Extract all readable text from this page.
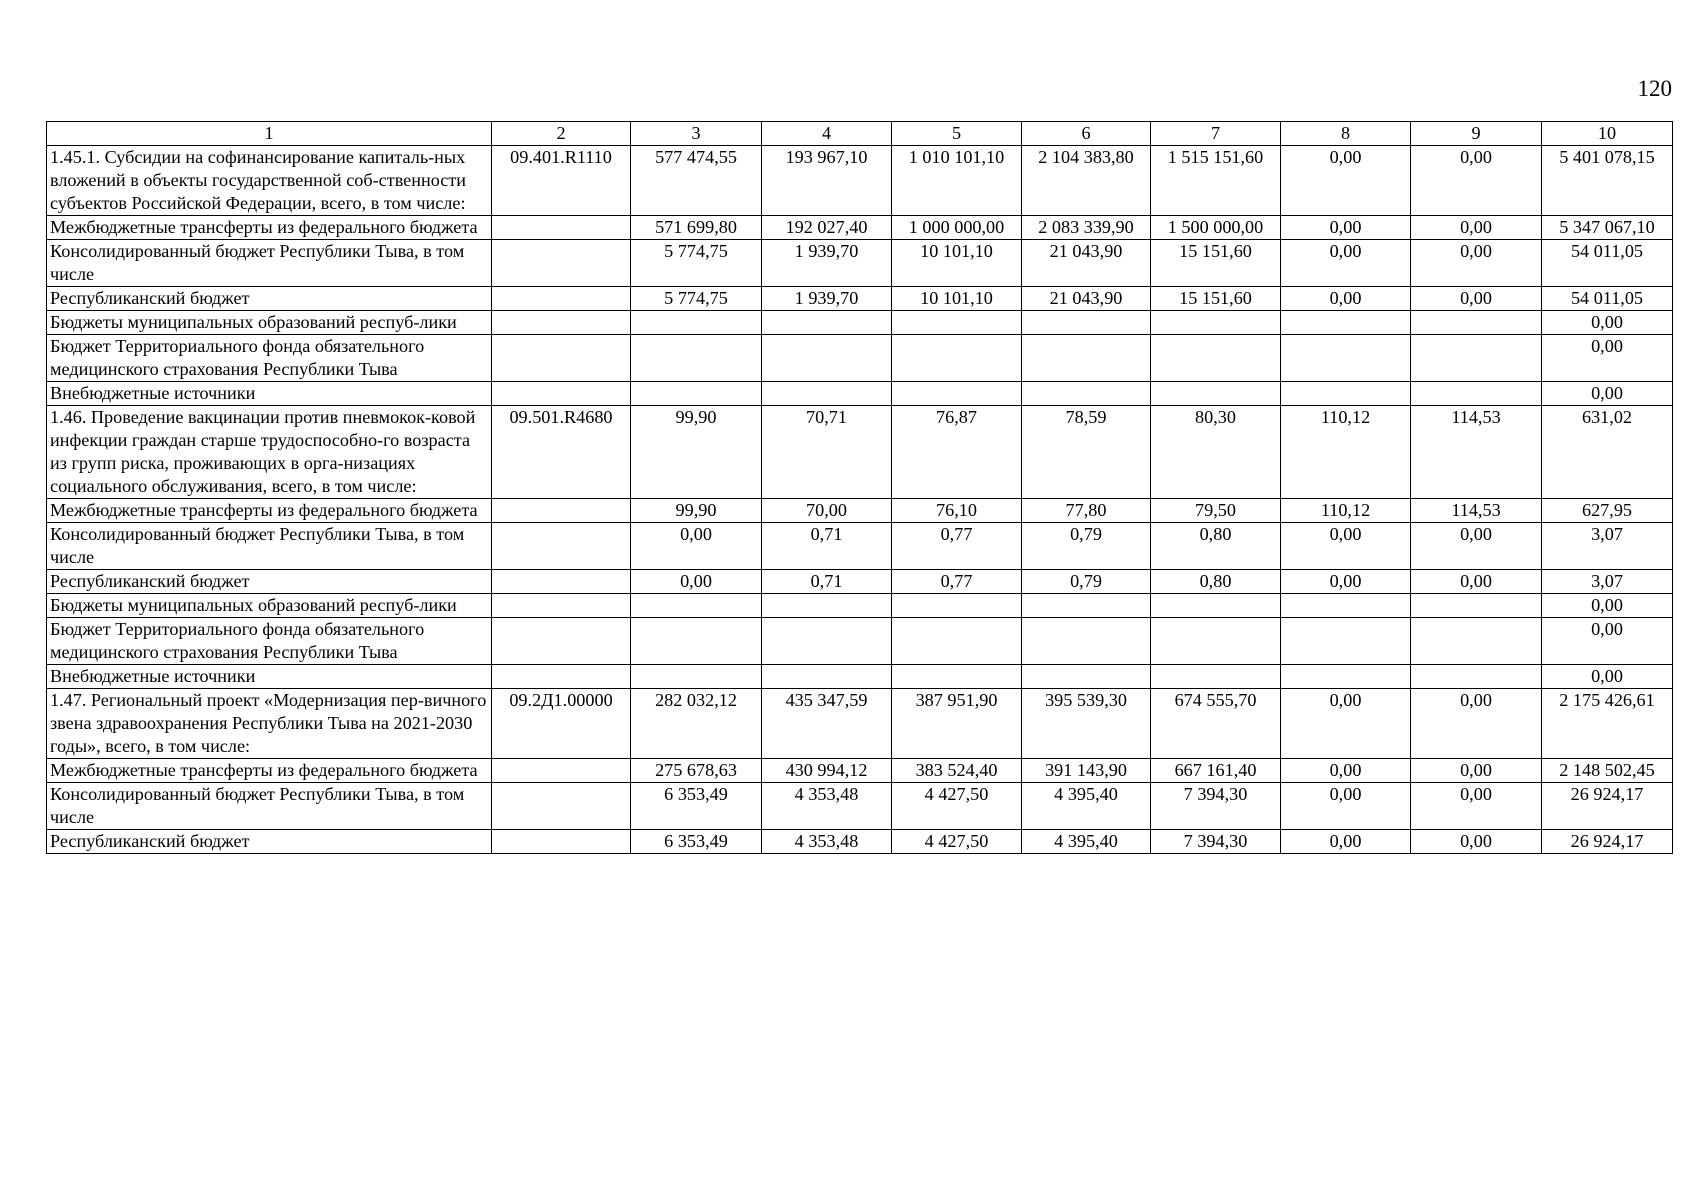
120
1	2	3	4	5	6	7	8	9	10
1.45.1. Субсидии на софинансирование капиталь-ных вложений в объекты государственной соб-ственности субъектов Российской Федерации, всего, в том числе:	09.401.R1110	577 474,55	193 967,10	1 010 101,10	2 104 383,80	1 515 151,60	0,00	0,00	5 401 078,15
Межбюджетные трансферты из федерального бюджета		571 699,80	192 027,40	1 000 000,00	2 083 339,90	1 500 000,00	0,00	0,00	5 347 067,10
Консолидированный бюджет Республики Тыва, в том числе		5 774,75	1 939,70	10 101,10	21 043,90	15 151,60	0,00	0,00	54 011,05
Республиканский бюджет		5 774,75	1 939,70	10 101,10	21 043,90	15 151,60	0,00	0,00	54 011,05
Бюджеты муниципальных образований респуб-лики									0,00
Бюджет Территориального фонда обязательного медицинского страхования Республики Тыва									0,00
Внебюджетные источники									0,00
1.46. Проведение вакцинации против пневмокок-ковой инфекции граждан старше трудоспособно-го возраста из групп риска, проживающих в орга-низациях социального обслуживания, всего, в том числе:	09.501.R4680	99,90	70,71	76,87	78,59	80,30	110,12	114,53	631,02
Межбюджетные трансферты из федерального бюджета		99,90	70,00	76,10	77,80	79,50	110,12	114,53	627,95
Консолидированный бюджет Республики Тыва, в том числе		0,00	0,71	0,77	0,79	0,80	0,00	0,00	3,07
Республиканский бюджет		0,00	0,71	0,77	0,79	0,80	0,00	0,00	3,07
Бюджеты муниципальных образований респуб-лики									0,00
Бюджет Территориального фонда обязательного медицинского страхования Республики Тыва									0,00
Внебюджетные источники									0,00
1.47. Региональный проект «Модернизация пер-вичного звена здравоохранения Республики Тыва на 2021-2030 годы», всего, в том числе:	09.2Д1.00000	282 032,12	435 347,59	387 951,90	395 539,30	674 555,70	0,00	0,00	2 175 426,61
Межбюджетные трансферты из федерального бюджета		275 678,63	430 994,12	383 524,40	391 143,90	667 161,40	0,00	0,00	2 148 502,45
Консолидированный бюджет Республики Тыва, в том числе		6 353,49	4 353,48	4 427,50	4 395,40	7 394,30	0,00	0,00	26 924,17
Республиканский бюджет		6 353,49	4 353,48	4 427,50	4 395,40	7 394,30	0,00	0,00	26 924,17
